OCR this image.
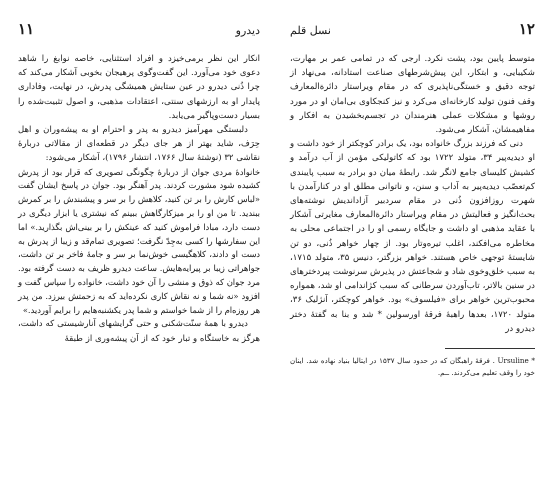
دیدرو
۱۱

انکار این نظر برمی‌خیزد و افراد استثنایی، خاصه نوابغ را شاهد دعوی خود می‌آورد. این گفت‌وگوی پرهیجان بخوبی آشکار می‌کند که چرا ذُنی دیدرو در عین ستایش همیشگی پدرش، در نهایت، وفاداری پایدار او به ارزشهای سنتی، اعتقادات مذهبی، و اصول تثبیت‌شده را بسیار دست‌وپاگیر می‌یابد.

دلبستگی مهرآمیز دیدرو به پدر و احترام او به پیشه‌وران و اهل حِرَف، شاید بهتر از هر جای دیگر در قطعه‌ای از مقالاتی دربارهٔ نقاشی ۳۲ (نوشتهٔ سال ۱۷۶۶، انتشار ۱۷۹۶)، آشکار می‌شود:

خانوادهٔ مردی جوان از دربارهٔ چگونگی تصویری که قرار بود از پدرش کشیده شود مشورت کردند. پدر آهنگر بود. جوان در پاسخ ایشان گفت «لباس کارش را بر تن کنید، کلاهش را بر سر و پیشبندش را بر کمرش ببندید. تا من او را بر میزکارگاهش ببینم که نیشتری یا ابزار دیگری در دست دارد، مبادا فراموش کنید که عینکش را بر بینی‌اش بگذارید.» اما این سفارشها را کسی به‌جِدّ نگرفت؛ تصویری تمام‌قد و زیبا از پدرش به دست او دادند، کلاهگیسی خوش‌نما بر سر و جامهٔ فاخر بر تن داشت، جواهراتی زیبا بر پیرایه‌هایش. ساعت دیدرو ظریف به دست گرفته بود. مرد جوان که ذوق و منشی را آن خود داشت، خانواده را سپاس گفت و افزود «نه شما و نه نقاش کاری نکرده‌اید که به زحمتش بیرزد. من پدر هر روزه‌ام را از شما خواستم و شما پدر یکشنبه‌هایم را برایم آوردید.»

دیدرو با همهٔ سنّت‌شکنی و حتی گرایشهای آنارشیستی که داشت، هرگز به خاستگاه و تبار خود که از آن پیشه‌وری از طبقهٔ

۱۲
نسل قلم

متوسط پایین بود، پشت نکرد. ارجی که در تمامی عمر بر مهارت، شکیبایی، و ابتکار، این پیش‌شرطهای صناعت استادانه، می‌نهاد از توجه دقیق و خستگی‌ناپذیری که در مقام ویراستار دائرةالمعارف وقف فنون تولید کارخانه‌ای می‌کرد و نیز کنجکاوی بی‌امان او در مورد روشها و مشکلات عملی هنرمندان در تجسم‌بخشیدن به افکار و مفاهیمشان، آشکار می‌شود.

دنی که فرزند بزرگ خانواده بود، یک برادر کوچکتر از خود داشت و او دیدیه‌پیر ۳۴، متولد ۱۷۲۲ بود که کاتولیکی مؤمن از آب درآمد و کشیش کلیسای جامع لانگر شد. رابطهٔ میان دو برادر به سبب پایبندی کم‌تعصّب دیدیه‌پیر به آداب و سنن، و ناتوانی مطلق او در کنارآمدن با شهرت روزافزون ذُنی در مقام سردبیر آزاداندیش نوشته‌های بحث‌انگیز و فعالیتش در مقام ویراستار دائرةالمعارف مغایرتی آشکار با عقاید مذهبی او داشت و جایگاه رسمی او را در اجتماعی محلی به مخاطره می‌افکند، اغلب تیره‌وتار بود. از چهار خواهر ذُنی، دو تن شایستهٔ توجهی خاص هستند. خواهر بزرگتر، دنیس ۳۵، متولد ۱۷۱۵، به سبب خلق‌وخوی شاد و شجاعتش در پذیرش سرنوشت پیردخترهای در سنین بالاتر، تاب‌آوردن سرطانی که سبب کژاندامی او شد، همواره محبوب‌ترین خواهر برای «فیلسوف» بود. خواهر کوچکتر، آنژلیک ۳۶، متولد ۱۷۲۰، بعدها راهبهٔ فرقهٔ اورسولین * شد و بنا به گفتهٔ دختر دیدرو در

* Ursuline . فرقهٔ راهبگان که در حدود سال ۱۵۳۷ در ایتالیا بنیاد نهاده شد. اینان خود را وقف تعلیم می‌کردند. ــم.
